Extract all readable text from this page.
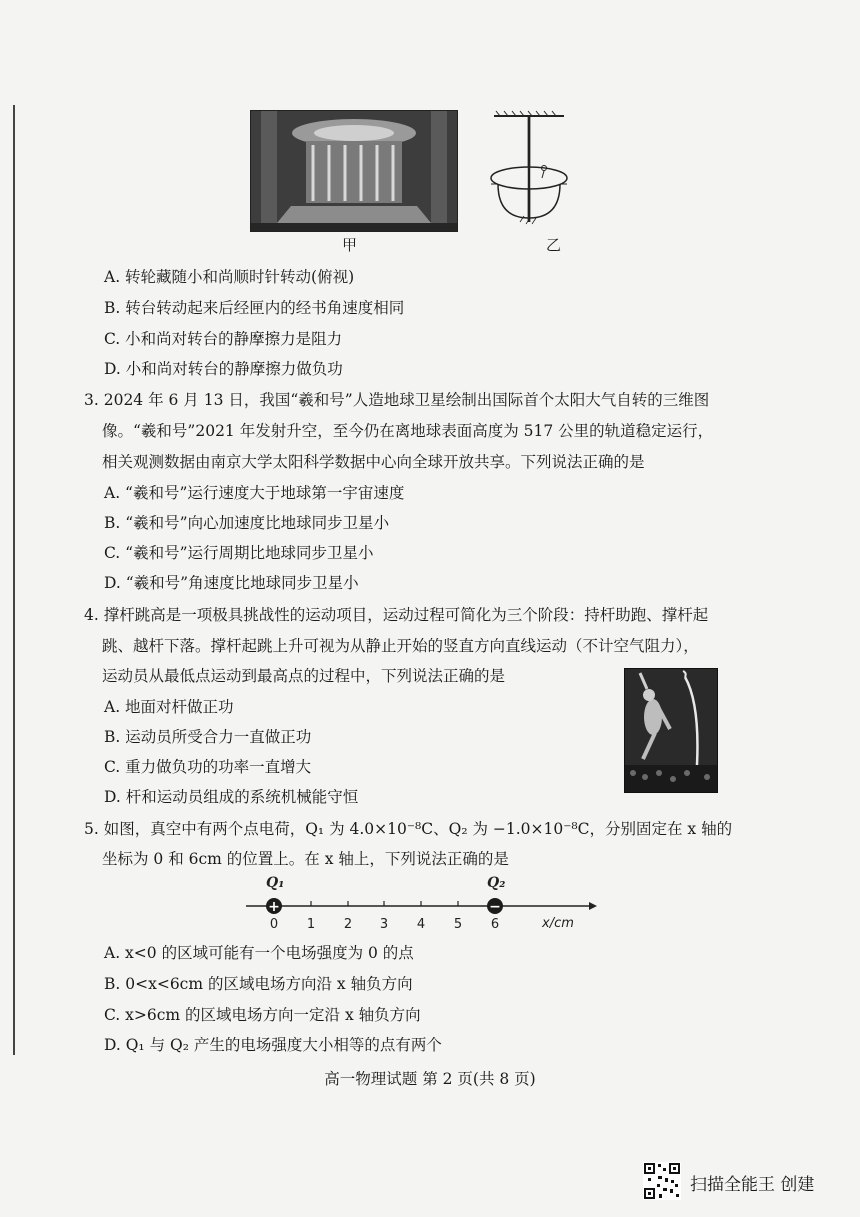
甲	乙
A. 转轮藏随小和尚顺时针转动(俯视)
B. 转台转动起来后经匣内的经书角速度相同
C. 小和尚对转台的静摩擦力是阻力
D. 小和尚对转台的静摩擦力做负功
3. 2024 年 6 月 13 日，我国“羲和号”人造地球卫星绘制出国际首个太阳大气自转的三维图
像。“羲和号”2021 年发射升空，至今仍在离地球表面高度为 517 公里的轨道稳定运行，
相关观测数据由南京大学太阳科学数据中心向全球开放共享。下列说法正确的是
A. “羲和号”运行速度大于地球第一宇宙速度
B. “羲和号”向心加速度比地球同步卫星小
C. “羲和号”运行周期比地球同步卫星小
D. “羲和号”角速度比地球同步卫星小
4. 撑杆跳高是一项极具挑战性的运动项目，运动过程可简化为三个阶段：持杆助跑、撑杆起
跳、越杆下落。撑杆起跳上升可视为从静止开始的竖直方向直线运动（不计空气阻力），
运动员从最低点运动到最高点的过程中，下列说法正确的是
A. 地面对杆做正功
B. 运动员所受合力一直做正功
C. 重力做负功的功率一直增大
D. 杆和运动员组成的系统机械能守恒
5. 如图，真空中有两个点电荷，Q₁ 为 4.0×10⁻⁸C、Q₂ 为 −1.0×10⁻⁸C，分别固定在 x 轴的
坐标为 0 和 6cm 的位置上。在 x 轴上，下列说法正确的是
+	−
Q₁	Q₂
0 1 2 3 4 5 6	x/cm
A. x<0 的区域可能有一个电场强度为 0 的点
B. 0<x<6cm 的区域电场方向沿 x 轴负方向
C. x>6cm 的区域电场方向一定沿 x 轴负方向
D. Q₁ 与 Q₂ 产生的电场强度大小相等的点有两个
高一物理试题 第 2 页(共 8 页)
扫描全能王 创建
